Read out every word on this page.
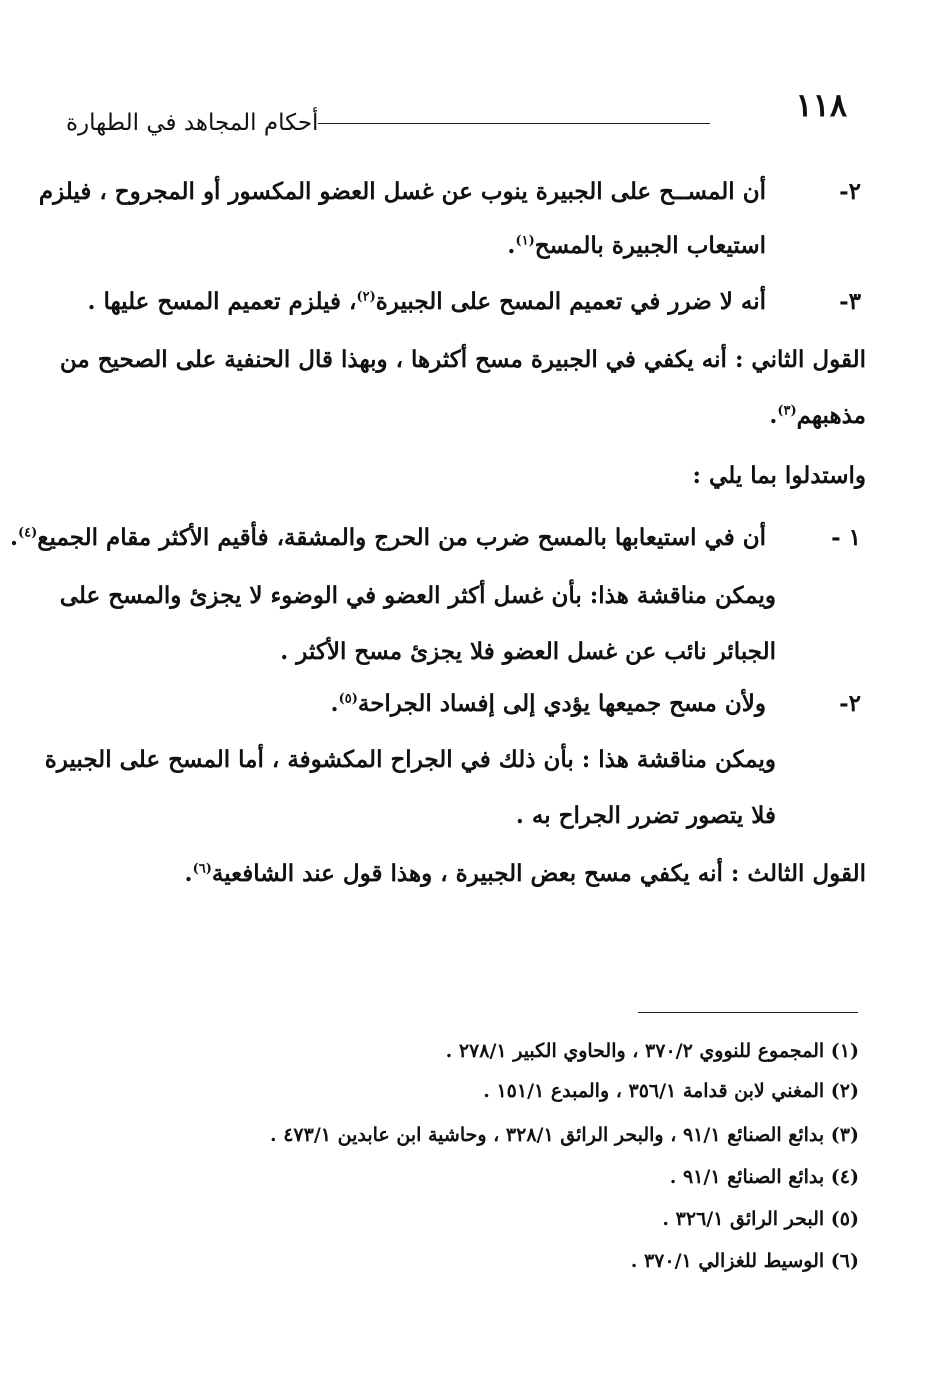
١١٨
أحكام المجاهد في الطهارة
٢-
أن المســح على الجبيرة ينوب عن غسل العضو المكسور أو المجروح ، فيلزم
استيعاب الجبيرة بالمسح$^{(١)}$.
٣-
أنه لا ضرر في تعميم المسح على الجبيرة$^{(٢)}$، فيلزم تعميم المسح عليها .
القول الثاني : أنه يكفي في الجبيرة مسح أكثرها ، وبهذا قال الحنفية على الصحيح من
مذهبهم$^{(٣)}$.
واستدلوا بما يلي :
١ -
أن في استيعابها بالمسح ضرب من الحرج والمشقة، فأقيم الأكثر مقام الجميع$^{(٤)}$.
ويمكن مناقشة هذا: بأن غسل أكثر العضو في الوضوء لا يجزئ والمسح على
الجبائر نائب عن غسل العضو فلا يجزئ مسح الأكثر .
٢-
ولأن مسح جميعها يؤدي إلى إفساد الجراحة$^{(٥)}$.
ويمكن مناقشة هذا : بأن ذلك في الجراح المكشوفة ، أما المسح على الجبيرة
فلا يتصور تضرر الجراح به .
القول الثالث : أنه يكفي مسح بعض الجبيرة ، وهذا قول عند الشافعية$^{(٦)}$.
(١) المجموع للنووي ٣٧٠/٢ ، والحاوي الكبير ٢٧٨/١ .
(٢) المغني لابن قدامة ٣٥٦/١ ، والمبدع ١٥١/١ .
(٣) بدائع الصنائع ٩١/١ ، والبحر الرائق ٣٢٨/١ ، وحاشية ابن عابدين ٤٧٣/١ .
(٤) بدائع الصنائع ٩١/١ .
(٥) البحر الرائق ٣٢٦/١ .
(٦) الوسيط للغزالي ٣٧٠/١ .
